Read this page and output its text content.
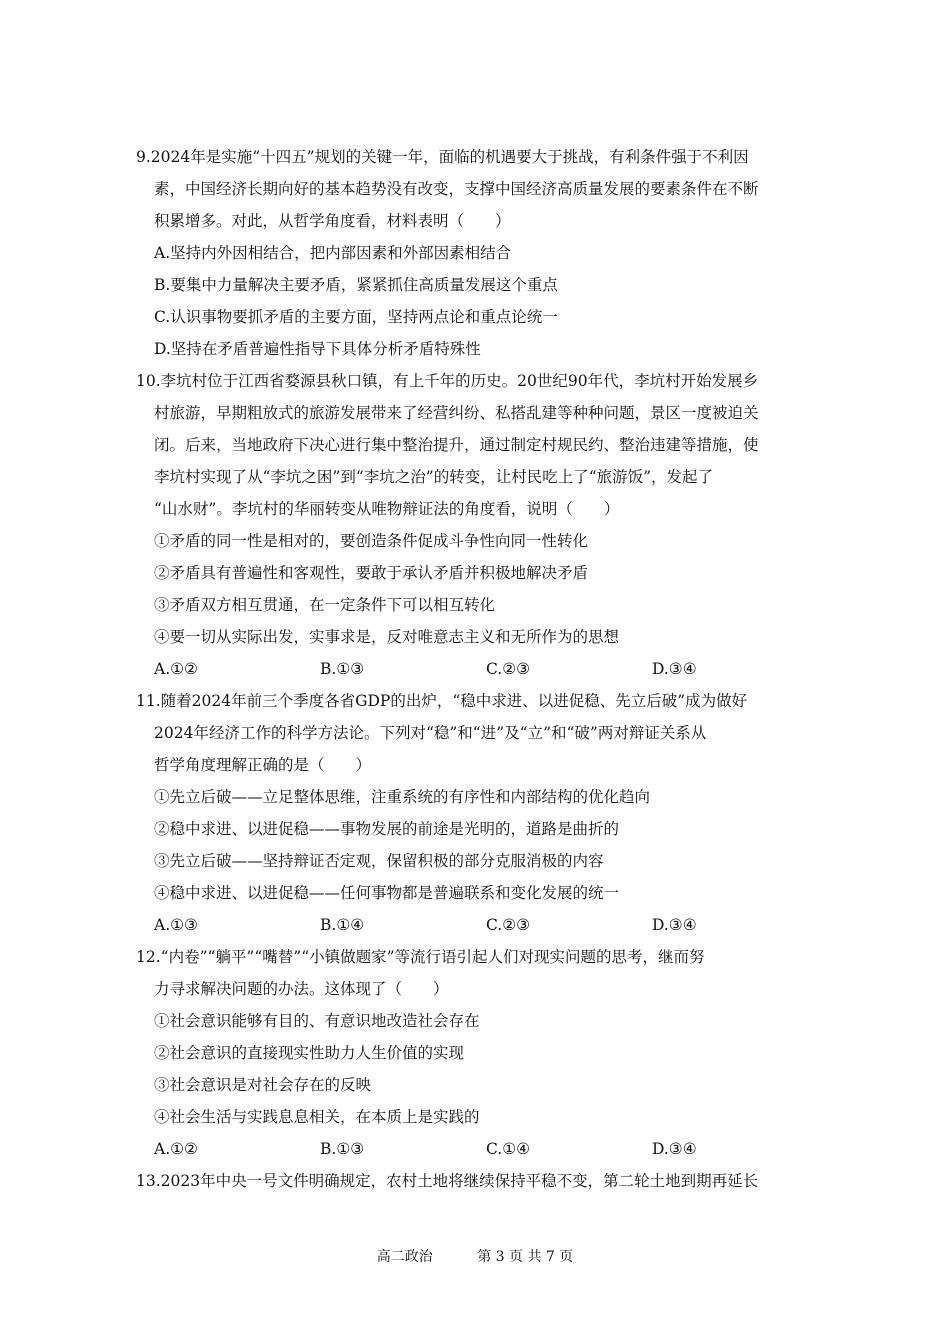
9.2024年是实施“十四五”规划的关键一年，面临的机遇要大于挑战，有利条件强于不利因
素，中国经济长期向好的基本趋势没有改变，支撑中国经济高质量发展的要素条件在不断
积累增多。对此，从哲学角度看，材料表明（　　）
A.坚持内外因相结合，把内部因素和外部因素相结合
B.要集中力量解决主要矛盾，紧紧抓住高质量发展这个重点
C.认识事物要抓矛盾的主要方面，坚持两点论和重点论统一
D.坚持在矛盾普遍性指导下具体分析矛盾特殊性
10.李坑村位于江西省婺源县秋口镇，有上千年的历史。20世纪90年代，李坑村开始发展乡
村旅游，早期粗放式的旅游发展带来了经营纠纷、私搭乱建等种种问题，景区一度被迫关
闭。后来，当地政府下决心进行集中整治提升，通过制定村规民约、整治违建等措施，使
李坑村实现了从“李坑之困”到“李坑之治”的转变，让村民吃上了“旅游饭”，发起了
“山水财”。李坑村的华丽转变从唯物辩证法的角度看，说明（　　）
①矛盾的同一性是相对的，要创造条件促成斗争性向同一性转化
②矛盾具有普遍性和客观性，要敢于承认矛盾并积极地解决矛盾
③矛盾双方相互贯通，在一定条件下可以相互转化
④要一切从实际出发，实事求是，反对唯意志主义和无所作为的思想
A.①②	B.①③	C.②③	D.③④
11.随着2024年前三个季度各省GDP的出炉，“稳中求进、以进促稳、先立后破”成为做好
2024年经济工作的科学方法论。下列对“稳”和“进”及“立”和“破”两对辩证关系从
哲学角度理解正确的是（　　）
①先立后破——立足整体思维，注重系统的有序性和内部结构的优化趋向
②稳中求进、以进促稳——事物发展的前途是光明的，道路是曲折的
③先立后破——坚持辩证否定观，保留积极的部分克服消极的内容
④稳中求进、以进促稳——任何事物都是普遍联系和变化发展的统一
A.①③	B.①④	C.②③	D.③④
12.“内卷”“躺平”“嘴替”“小镇做题家”等流行语引起人们对现实问题的思考，继而努
力寻求解决问题的办法。这体现了（　　）
①社会意识能够有目的、有意识地改造社会存在
②社会意识的直接现实性助力人生价值的实现
③社会意识是对社会存在的反映
④社会生活与实践息息相关，在本质上是实践的
A.①②	B.①③	C.①④	D.③④
13.2023年中央一号文件明确规定，农村土地将继续保持平稳不变，第二轮土地到期再延长
高二政治	第 3 页 共 7 页
